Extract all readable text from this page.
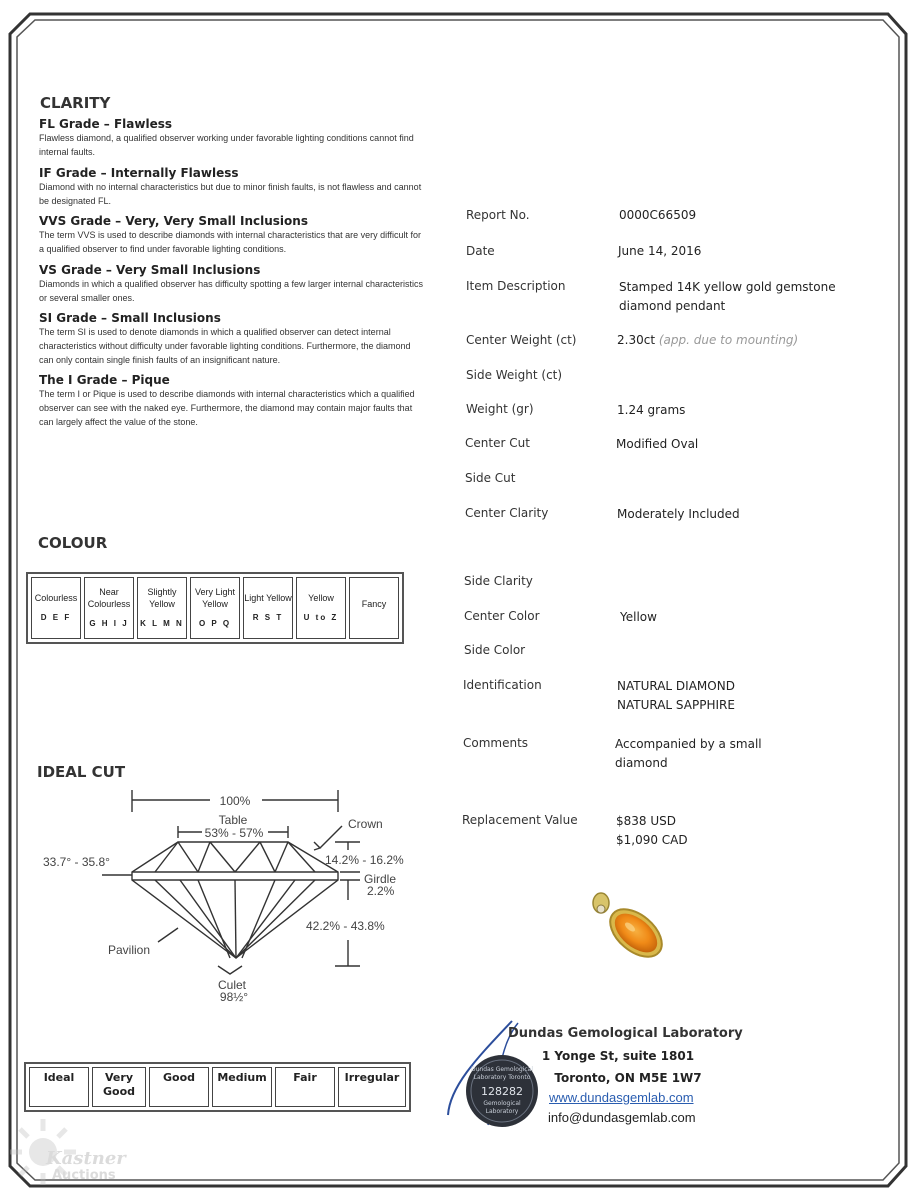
CLARITY
FL Grade – Flawless
Flawless diamond, a qualified observer working under favorable lighting conditions cannot find internal faults.
IF Grade – Internally Flawless
Diamond with no internal characteristics but due to minor finish faults, is not flawless and cannot be designated FL.
VVS Grade – Very, Very Small Inclusions
The term VVS is used to describe diamonds with internal characteristics that are very difficult for a qualified observer to find under favorable lighting conditions.
VS Grade – Very Small Inclusions
Diamonds in which a qualified observer has difficulty spotting a few larger internal characteristics or several smaller ones.
SI Grade – Small Inclusions
The term SI is used to denote diamonds in which a qualified observer can detect internal characteristics without difficulty under favorable lighting conditions. Furthermore, the diamond can only contain single finish faults of an insignificant nature.
The I Grade – Pique
The term I or Pique is used to describe diamonds with internal characteristics which a qualified observer can see with the naked eye. Furthermore, the diamond may contain major faults that can largely affect the value of the stone.
COLOUR
Colourless
D E F
	Near Colourless
G H I J
	Slightly Yellow
K L M N
	Very Light Yellow
O P Q
	Light Yellow
R S T
	Yellow
U to Z
	Fancy
IDEAL CUT
100%
Table
53% - 57%
Crown
33.7° - 35.8°	14.2% - 16.2%
Girdle
2.2%
42.2% - 43.8%
Pavilion
Culet
98½°
Ideal	Very Good	Good	Medium	Fair	Irregular
Report No.	0000C66509
Date	June 14, 2016
Item Description	Stamped 14K yellow gold gemstone
diamond pendant
Center Weight (ct)	2.30ct (app. due to mounting)
Side Weight (ct)
Weight (gr)	1.24 grams
Center Cut	Modified Oval
Side Cut
Center Clarity	Moderately Included
Side Clarity
Center Color	Yellow
Side Color
Identification	NATURAL DIAMOND
NATURAL SAPPHIRE
Comments	Accompanied by a small
diamond
Replacement Value	$838 USD
$1,090 CAD
Dundas Gemological
Laboratory Toronto
128282
Gemological
Laboratory
Dundas Gemological Laboratory
1 Yonge St, suite 1801
Toronto, ON M5E 1W7
www.dundasgemlab.com
info@dundasgemlab.com
Kastner
Auctions
